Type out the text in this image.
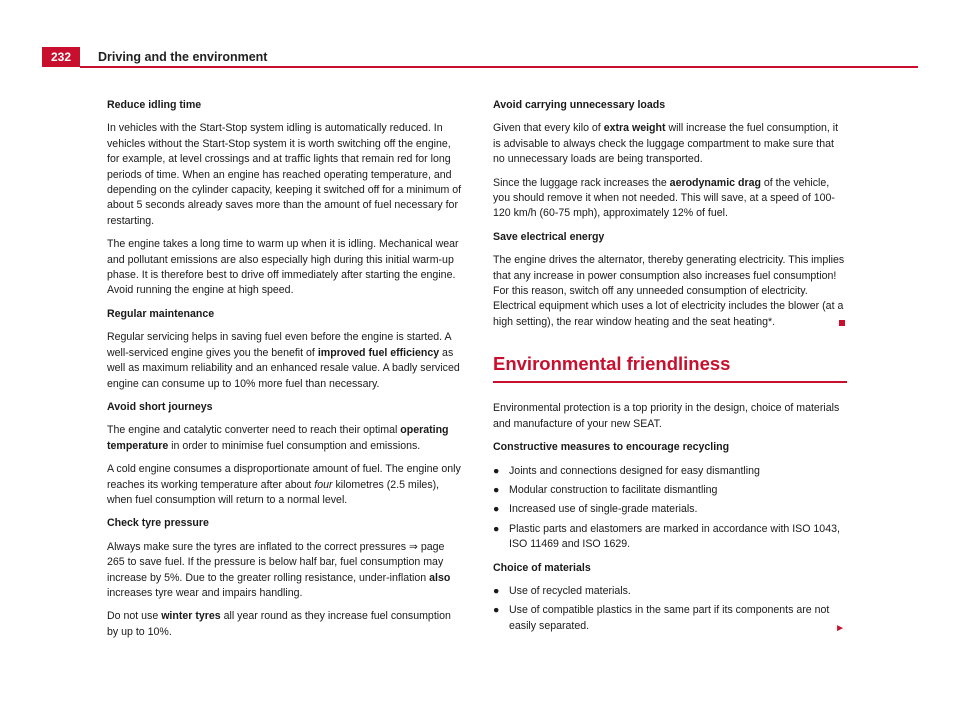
232	Driving and the environment

Reduce idling time

In vehicles with the Start-Stop system idling is automatically reduced. In vehicles without the Start-Stop system it is worth switching off the engine, for example, at level crossings and at traffic lights that remain red for long periods of time. When an engine has reached operating temperature, and depending on the cylinder capacity, keeping it switched off for a minimum of about 5 seconds already saves more than the amount of fuel necessary for restarting.

The engine takes a long time to warm up when it is idling. Mechanical wear and pollutant emissions are also especially high during this initial warm-up phase. It is therefore best to drive off immediately after starting the engine. Avoid running the engine at high speed.

Regular maintenance

Regular servicing helps in saving fuel even before the engine is started. A well-serviced engine gives you the benefit of improved fuel efficiency as well as maximum reliability and an enhanced resale value. A badly serviced engine can consume up to 10% more fuel than necessary.

Avoid short journeys

The engine and catalytic converter need to reach their optimal operating temperature in order to minimise fuel consumption and emissions.

A cold engine consumes a disproportionate amount of fuel. The engine only reaches its working temperature after about four kilometres (2.5 miles), when fuel consumption will return to a normal level.

Check tyre pressure

Always make sure the tyres are inflated to the correct pressures ⇒ page 265 to save fuel. If the pressure is below half bar, fuel consumption may increase by 5%. Due to the greater rolling resistance, under-inflation also increases tyre wear and impairs handling.

Do not use winter tyres all year round as they increase fuel consumption by up to 10%.

Avoid carrying unnecessary loads

Given that every kilo of extra weight will increase the fuel consumption, it is advisable to always check the luggage compartment to make sure that no unnecessary loads are being transported.

Since the luggage rack increases the aerodynamic drag of the vehicle, you should remove it when not needed. This will save, at a speed of 100-120 km/h (60-75 mph), approximately 12% of fuel.

Save electrical energy

The engine drives the alternator, thereby generating electricity. This implies that any increase in power consumption also increases fuel consumption! For this reason, switch off any unneeded consumption of electricity. Electrical equipment which uses a lot of electricity includes the blower (at a high setting), the rear window heating and the seat heating*.

Environmental friendliness

Environmental protection is a top priority in the design, choice of materials and manufacture of your new SEAT.

Constructive measures to encourage recycling

● Joints and connections designed for easy dismantling
● Modular construction to facilitate dismantling
● Increased use of single-grade materials.
● Plastic parts and elastomers are marked in accordance with ISO 1043, ISO 11469 and ISO 1629.

Choice of materials

● Use of recycled materials.
● Use of compatible plastics in the same part if its components are not easily separated.	►
